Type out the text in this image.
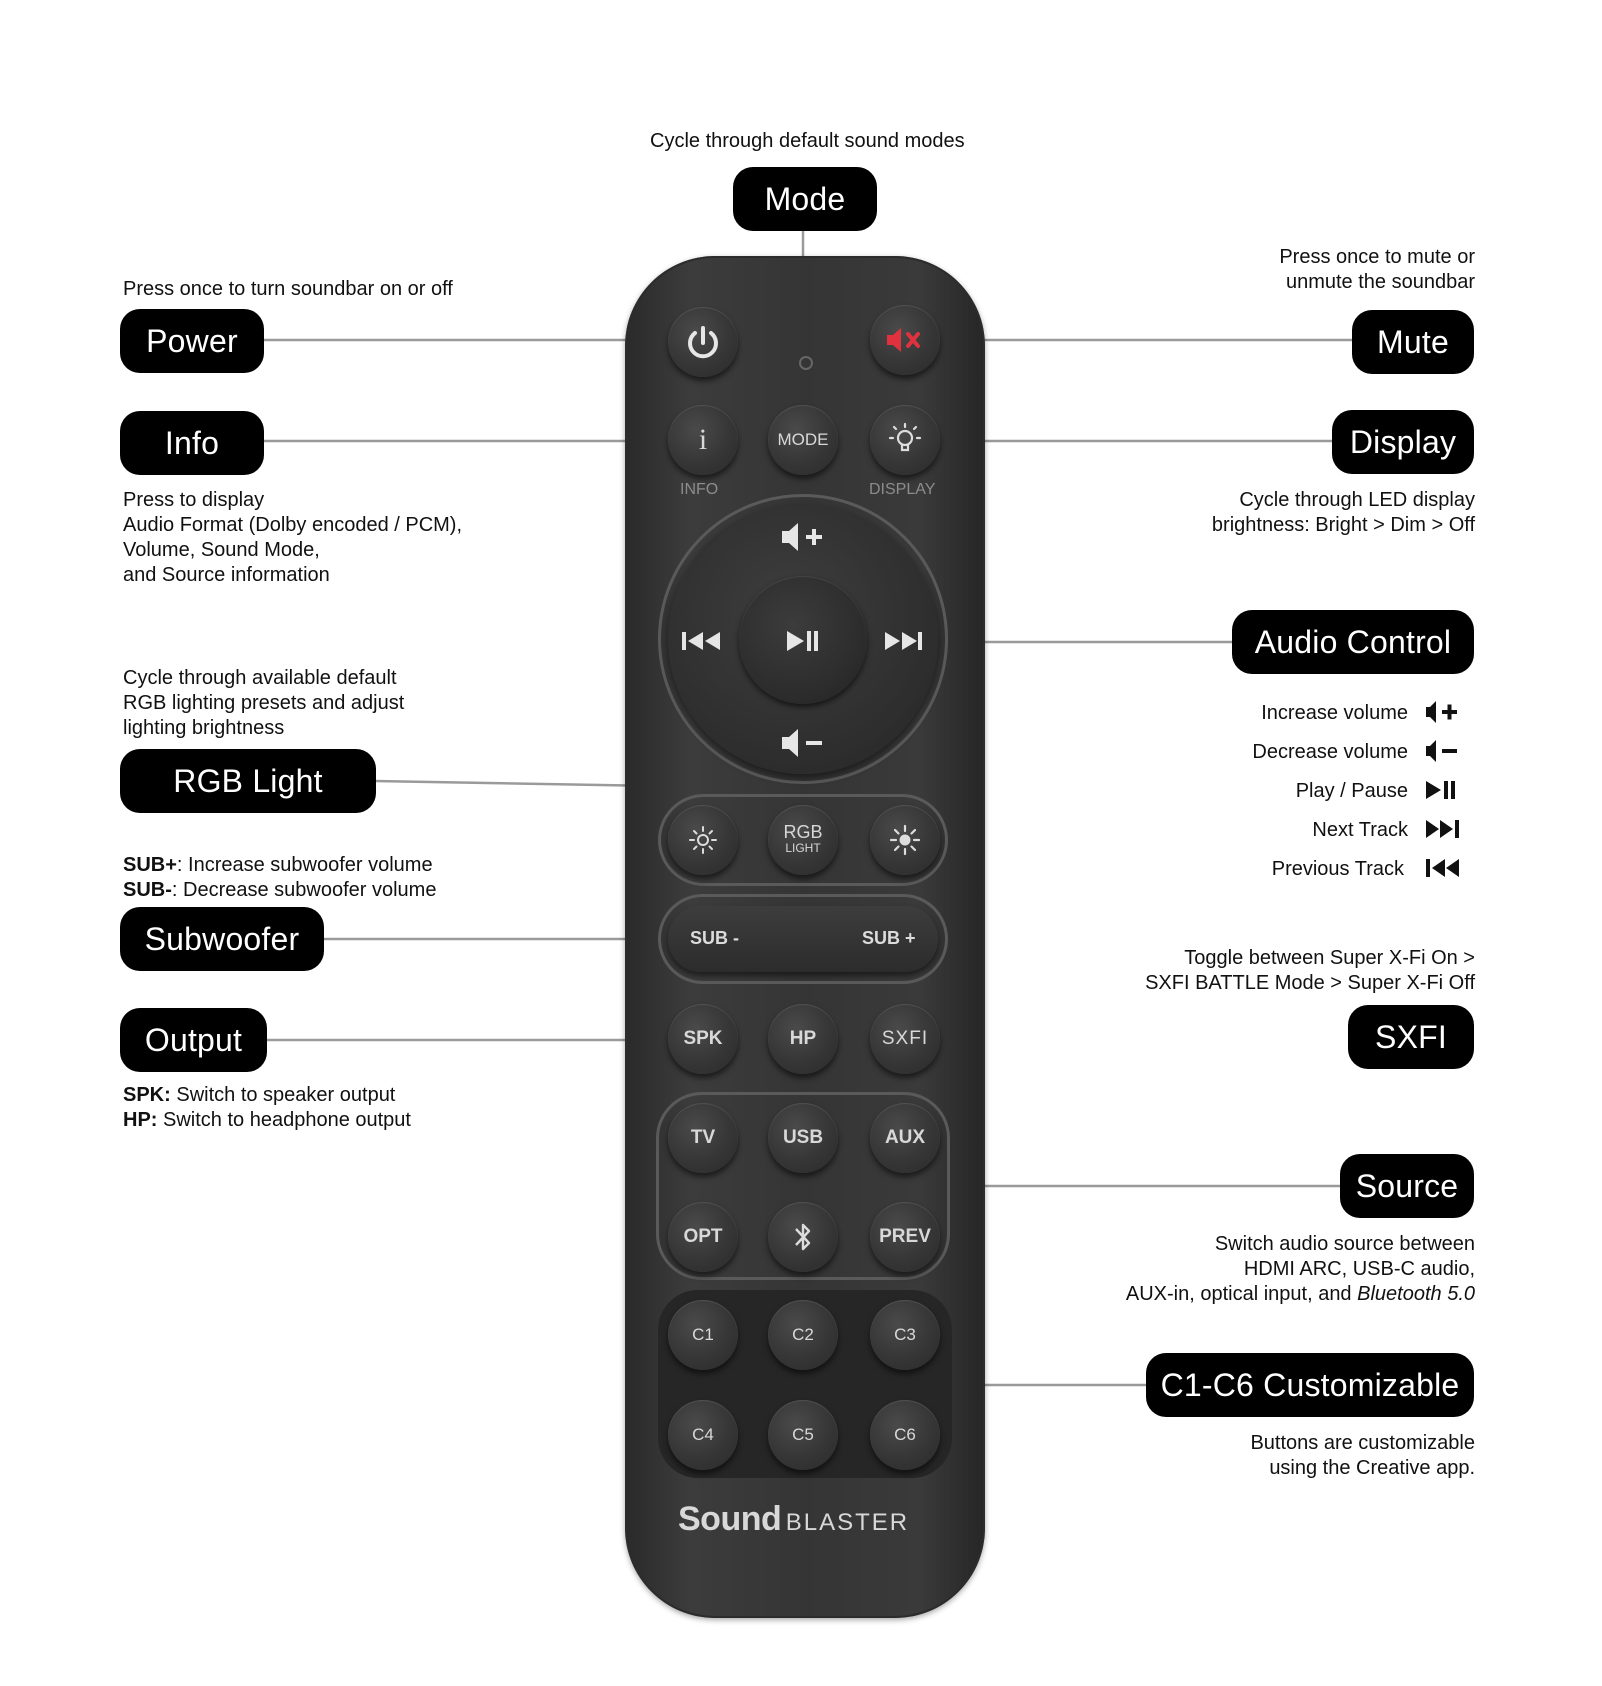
i	MODE
INFO	DISPLAY
RGB
LIGHT
SUB -	SUB +
SPK	HP	SXFI
TV	USB	AUX
OPT	PREV
C1	C2	C3
C4	C5	C6
Sound BLASTER
Cycle through default sound modes
Mode
Press once to turn soundbar on or off
Power
Press once to mute or
unmute the soundbar
Mute
Info
Press to display
Audio Format (Dolby encoded / PCM),
Volume, Sound Mode,
and Source information
Display
Cycle through LED display
brightness: Bright > Dim > Off
Audio Control
Increase volume
Decrease volume
Play / Pause
Next Track
Previous Track
Cycle through available default
RGB lighting presets and adjust
lighting brightness
RGB Light
SUB+: Increase subwoofer volume
SUB-: Decrease subwoofer volume
Subwoofer
Toggle between Super X-Fi On >
SXFI BATTLE Mode > Super X-Fi Off
SXFI
Output
SPK: Switch to speaker output
HP: Switch to headphone output
Source
Switch audio source between
HDMI ARC, USB-C audio,
AUX-in, optical input, and Bluetooth 5.0
C1-C6 Customizable
Buttons are customizable
using the Creative app.
